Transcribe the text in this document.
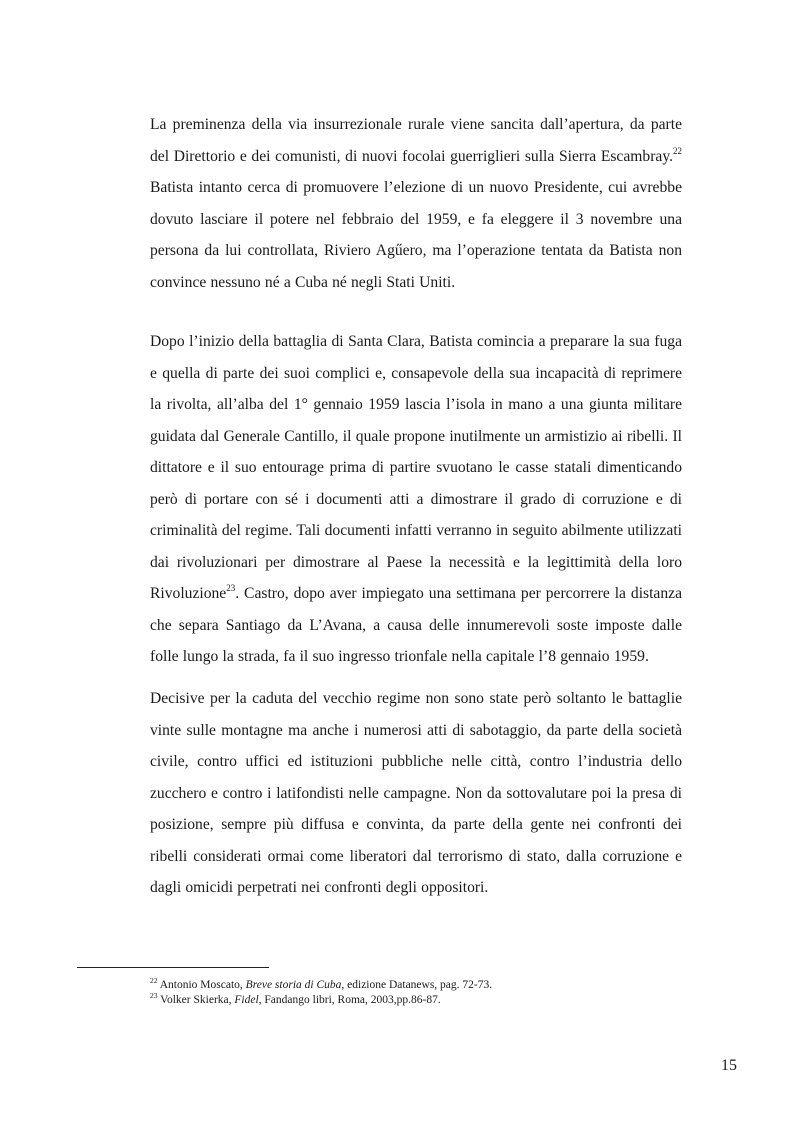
La preminenza della via insurrezionale rurale viene sancita dall’apertura, da parte del Direttorio e dei comunisti, di nuovi focolai guerriglieri sulla Sierra Escambray.$^{22}$ Batista intanto cerca di promuovere l’elezione di un nuovo Presidente, cui avrebbe dovuto lasciare il potere nel febbraio del 1959, e fa eleggere il 3 novembre una persona da lui controllata, Riviero Agűero, ma l’operazione tentata da Batista non convince nessuno né a Cuba né negli Stati Uniti.

Dopo l’inizio della battaglia di Santa Clara, Batista comincia a preparare la sua fuga e quella di parte dei suoi complici e, consapevole della sua incapacità di reprimere la rivolta, all’alba del 1° gennaio 1959 lascia l’isola in mano a una giunta militare guidata dal Generale Cantillo, il quale propone inutilmente un armistizio ai ribelli. Il dittatore e il suo entourage prima di partire svuotano le casse statali dimenticando però di portare con sé i documenti atti a dimostrare il grado di corruzione e di criminalità del regime. Tali documenti infatti verranno in seguito abilmente utilizzati dai rivoluzionari per dimostrare al Paese la necessità e la legittimità della loro Rivoluzione$^{23}$. Castro, dopo aver impiegato una settimana per percorrere la distanza che separa Santiago da L’Avana, a causa delle innumerevoli soste imposte dalle folle lungo la strada, fa il suo ingresso trionfale nella capitale l’8 gennaio 1959.

Decisive per la caduta del vecchio regime non sono state però soltanto le battaglie vinte sulle montagne ma anche i numerosi atti di sabotaggio, da parte della società civile, contro uffici ed istituzioni pubbliche nelle città, contro l’industria dello zucchero e contro i latifondisti nelle campagne. Non da sottovalutare poi la presa di posizione, sempre più diffusa e convinta, da parte della gente nei confronti dei ribelli considerati ormai come liberatori dal terrorismo di stato, dalla corruzione e dagli omicidi perpetrati nei confronti degli oppositori.

$^{22}$ Antonio Moscato, Breve storia di Cuba, edizione Datanews, pag. 72-73.

$^{23}$ Volker Skierka, Fidel, Fandango libri, Roma, 2003,pp.86-87.

15
